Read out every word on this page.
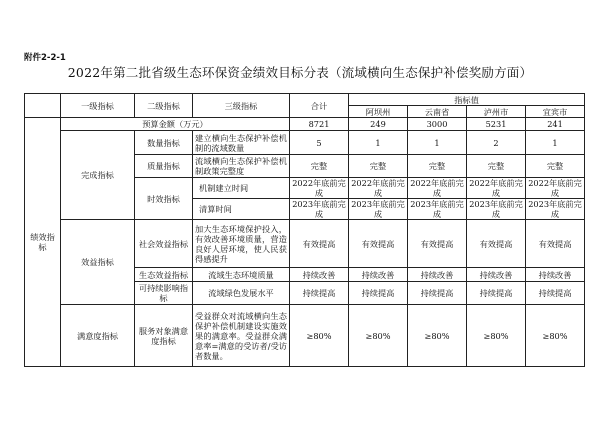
附件2-2-1
2022年第二批省级生态环保资金绩效目标分表（流域横向生态保护补偿奖励方面）
	一级指标	二级指标	三级指标	合计	指标值			
					阿坝州	云南省	泸州市	宜宾市
绩效指标	预算金额（万元）			8721	249	3000	5231	241
	完成指标	数量指标	建立横向生态保护补偿机制的流域数量	5	1	1	2	1
		质量指标	流域横向生态保护补偿机制政策完整度	完整	完整	完整	完整	完整
		时效指标	机制建立时间	2022年底前完成	2022年底前完成	2022年底前完成	2022年底前完成	2022年底前完成
			清算时间	2023年底前完成	2023年底前完成	2023年底前完成	2023年底前完成	2023年底前完成
	效益指标	社会效益指标	加大生态环境保护投入，有效改善环境质量，营造良好人居环境，使人民获得感提升	有效提高	有效提高	有效提高	有效提高	有效提高
		生态效益指标	流域生态环境质量	持续改善	持续改善	持续改善	持续改善	持续改善
		可持续影响指标	流域绿色发展水平	持续提高	持续提高	持续提高	持续提高	持续提高
	满意度指标	服务对象满意度指标	受益群众对流域横向生态保护补偿机制建设实施效果的满意率。受益群众满意率=满意的受访者/受访者数量。	≥80%	≥80%	≥80%	≥80%	≥80%
